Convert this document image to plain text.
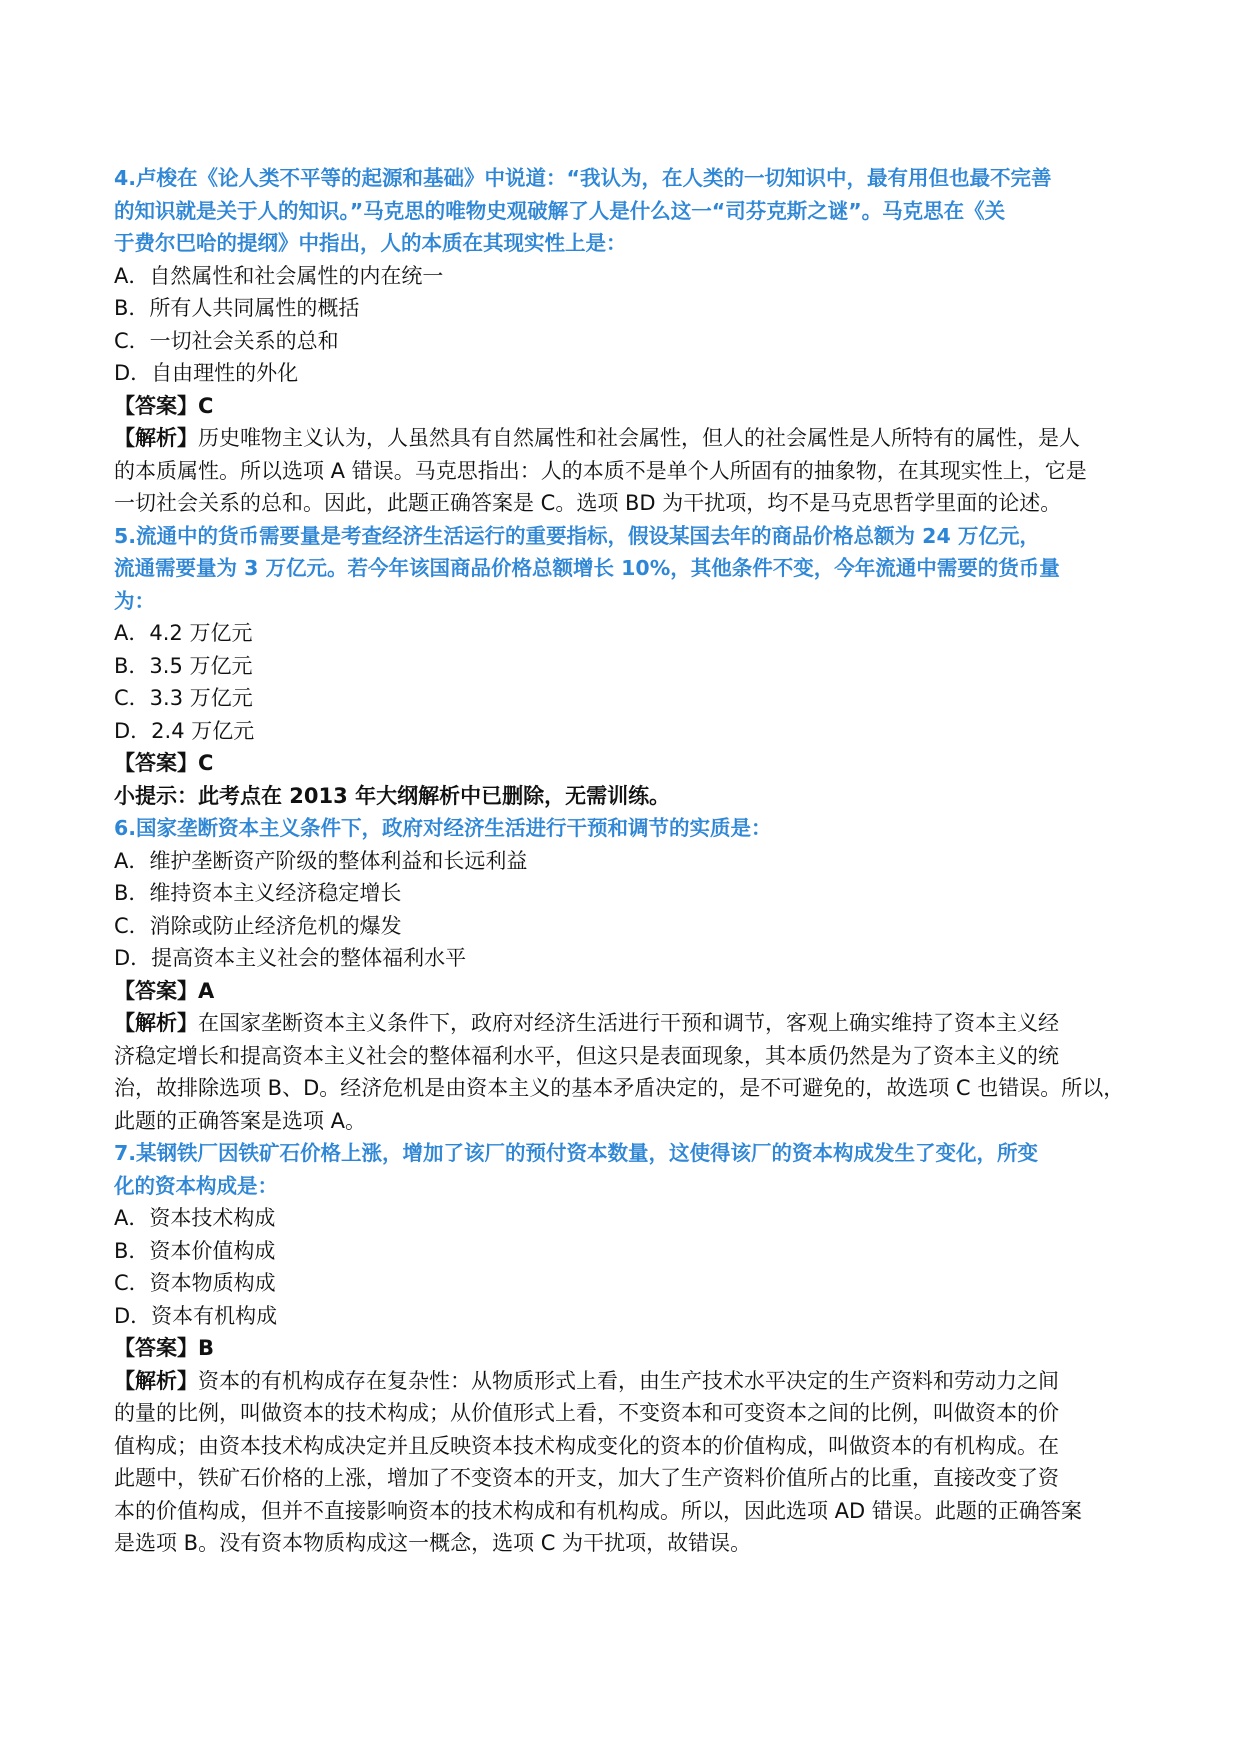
4.卢梭在《论人类不平等的起源和基础》中说道：“我认为，在人类的一切知识中，最有用但也最不完善

的知识就是关于人的知识。”马克思的唯物史观破解了人是什么这一“司芬克斯之谜”。马克思在《关

于费尔巴哈的提纲》中指出，人的本质在其现实性上是：

A．自然属性和社会属性的内在统一

B．所有人共同属性的概括

C．一切社会关系的总和

D．自由理性的外化

【答案】C

【解析】历史唯物主义认为，人虽然具有自然属性和社会属性，但人的社会属性是人所特有的属性，是人

的本质属性。所以选项 A 错误。马克思指出：人的本质不是单个人所固有的抽象物，在其现实性上，它是

一切社会关系的总和。因此，此题正确答案是 C。选项 BD 为干扰项，均不是马克思哲学里面的论述。

5.流通中的货币需要量是考查经济生活运行的重要指标，假设某国去年的商品价格总额为 24 万亿元，

流通需要量为 3 万亿元。若今年该国商品价格总额增长 10%，其他条件不变，今年流通中需要的货币量

为：

A．4.2 万亿元

B．3.5 万亿元

C．3.3 万亿元

D．2.4 万亿元

【答案】C

小提示：此考点在 2013 年大纲解析中已删除，无需训练。

6.国家垄断资本主义条件下，政府对经济生活进行干预和调节的实质是：

A．维护垄断资产阶级的整体利益和长远利益

B．维持资本主义经济稳定增长

C．消除或防止经济危机的爆发

D．提高资本主义社会的整体福利水平

【答案】A

【解析】在国家垄断资本主义条件下，政府对经济生活进行干预和调节，客观上确实维持了资本主义经

济稳定增长和提高资本主义社会的整体福利水平，但这只是表面现象，其本质仍然是为了资本主义的统

治，故排除选项 B、D。经济危机是由资本主义的基本矛盾决定的，是不可避免的，故选项 C 也错误。所以，

此题的正确答案是选项 A。

7.某钢铁厂因铁矿石价格上涨，增加了该厂的预付资本数量，这使得该厂的资本构成发生了变化，所变

化的资本构成是：

A．资本技术构成

B．资本价值构成

C．资本物质构成

D．资本有机构成

【答案】B

【解析】资本的有机构成存在复杂性：从物质形式上看，由生产技术水平决定的生产资料和劳动力之间

的量的比例，叫做资本的技术构成；从价值形式上看，不变资本和可变资本之间的比例，叫做资本的价

值构成；由资本技术构成决定并且反映资本技术构成变化的资本的价值构成，叫做资本的有机构成。在

此题中，铁矿石价格的上涨，增加了不变资本的开支，加大了生产资料价值所占的比重，直接改变了资

本的价值构成，但并不直接影响资本的技术构成和有机构成。所以，因此选项 AD 错误。此题的正确答案

是选项 B。没有资本物质构成这一概念，选项 C 为干扰项，故错误。
